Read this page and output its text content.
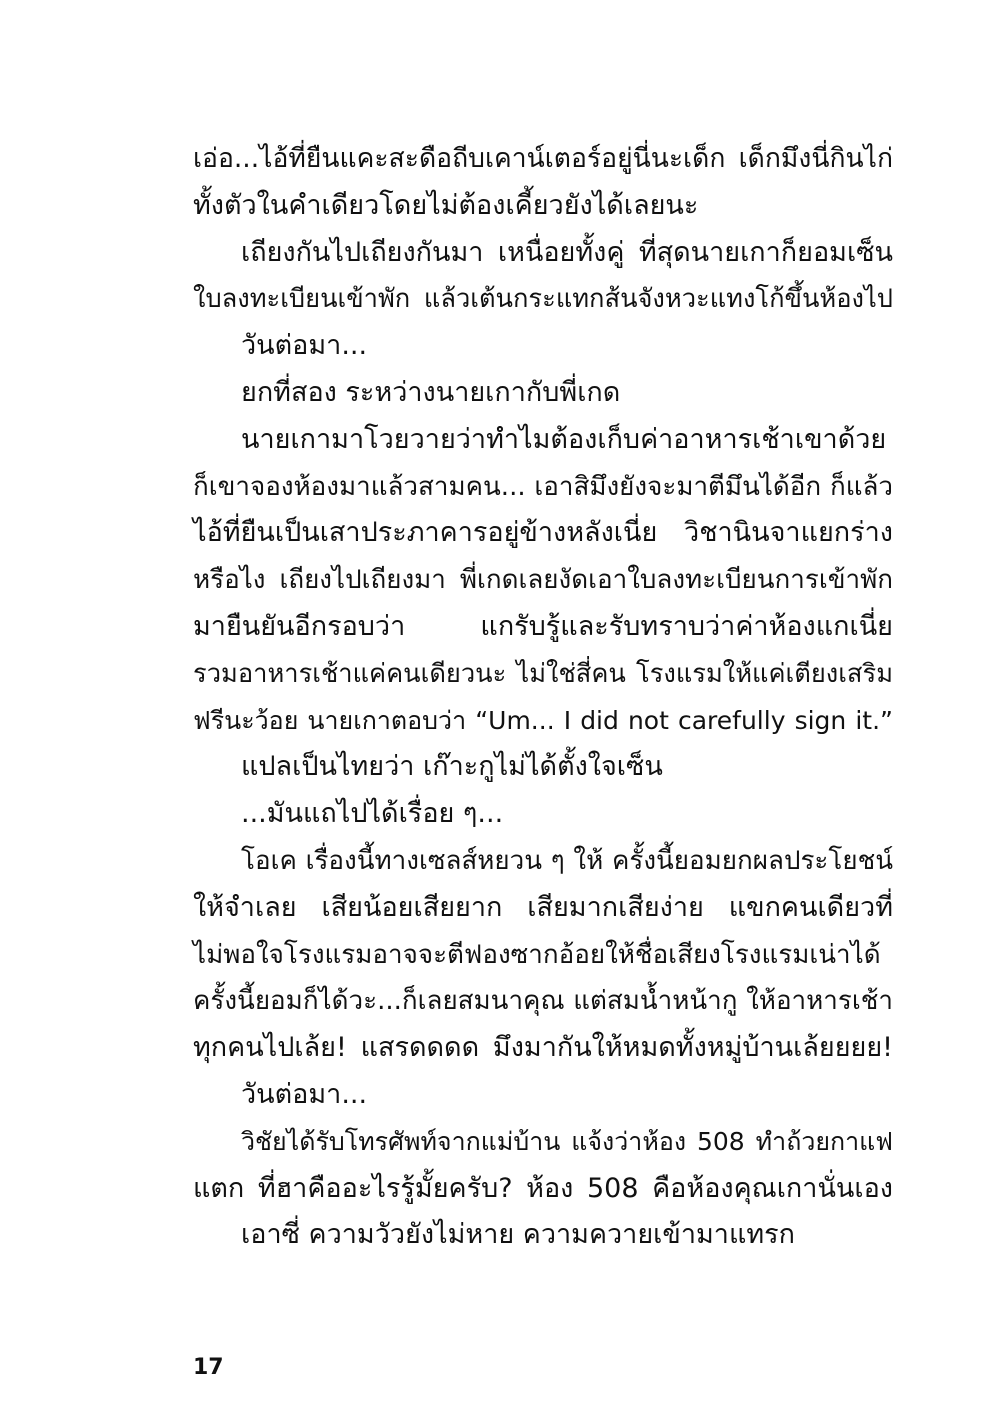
เอ่อ...ไอ้ที่ยืนแคะสะดือถีบเคาน์เตอร์อยู่นี่นะเด็ก เด็กมึงนี่กินไก่
ทั้งตัวในคำเดียวโดยไม่ต้องเคี้ยวยังได้เลยนะ
เถียงกันไปเถียงกันมา เหนื่อยทั้งคู่ ที่สุดนายเกาก็ยอมเซ็น
ใบลงทะเบียนเข้าพัก แล้วเต้นกระแทกส้นจังหวะแทงโก้ขึ้นห้องไป
วันต่อมา...
ยกที่สอง ระหว่างนายเกากับพี่เกด
นายเกามาโวยวายว่าทำไมต้องเก็บค่าอาหารเช้าเขาด้วย
ก็เขาจองห้องมาแล้วสามคน... เอาสิมึงยังจะมาตีมึนได้อีก ก็แล้ว
ไอ้ที่ยืนเป็นเสาประภาคารอยู่ข้างหลังเนี่ย วิชานินจาแยกร่าง
หรือไง เถียงไปเถียงมา พี่เกดเลยงัดเอาใบลงทะเบียนการเข้าพัก
มายืนยันอีกรอบว่า แกรับรู้และรับทราบว่าค่าห้องแกเนี่ย
รวมอาหารเช้าแค่คนเดียวนะ ไม่ใช่สี่คน โรงแรมให้แค่เตียงเสริม
ฟรีนะว้อย นายเกาตอบว่า “Um... I did not carefully sign it.”
แปลเป็นไทยว่า เก๊าะกูไม่ได้ตั้งใจเซ็น
...มันแถไปได้เรื่อย ๆ...
โอเค เรื่องนี้ทางเซลส์หยวน ๆ ให้ ครั้งนี้ยอมยกผลประโยชน์
ให้จำเลย เสียน้อยเสียยาก เสียมากเสียง่าย แขกคนเดียวที่
ไม่พอใจโรงแรมอาจจะตีฟองซากอ้อยให้ชื่อเสียงโรงแรมเน่าได้
ครั้งนี้ยอมก็ได้วะ...ก็เลยสมนาคุณ แต่สมน้ำหน้ากู ให้อาหารเช้า
ทุกคนไปเล้ย! แสรดดดด มึงมากันให้หมดทั้งหมู่บ้านเล้ยยยย!
วันต่อมา...
วิชัยได้รับโทรศัพท์จากแม่บ้าน แจ้งว่าห้อง 508 ทำถ้วยกาแฟ
แตก ที่ฮาคืออะไรรู้มั้ยครับ? ห้อง 508 คือห้องคุณเกานั่นเอง
เอาซี่ ความวัวยังไม่หาย ความควายเข้ามาแทรก
17
